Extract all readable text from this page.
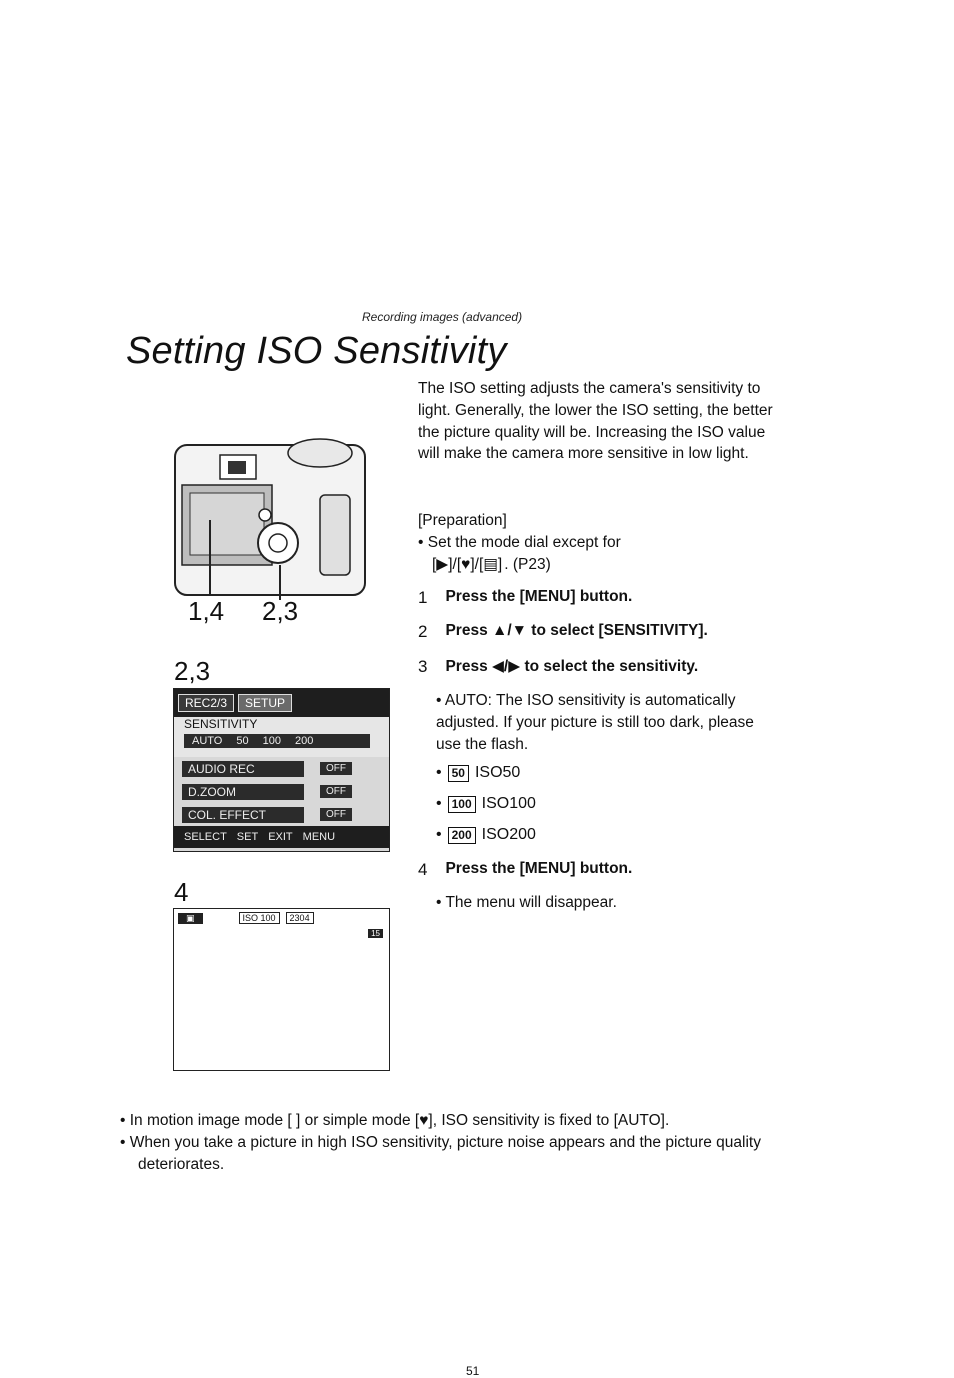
Recording images (advanced)
Setting ISO Sensitivity
1,4 2,3
2,3
REC2/3	SETUP
SENSITIVITY
AUTO 50 100 200
AUDIO REC	OFF
D.ZOOM	OFF
COL. EFFECT	OFF
SELECT SET EXIT MENU
4
▣	ISO 100	2304
15
The ISO setting adjusts the camera's sensitivity to light. Generally, the lower the ISO setting, the better the picture quality will be. Increasing the ISO value will make the camera more sensitive in low light.
[Preparation]
• Set the mode dial except for
[▶]/[♥]/[▤] . (P23)
1 Press the [MENU] button.
2 Press ▲/▼ to select [SENSITIVITY].
3 Press ◀/▶ to select the sensitivity.
• AUTO: The ISO sensitivity is automatically adjusted. If your picture is still too dark, please use the flash.
• 50 ISO50
• 100 ISO100
• 200 ISO200
4 Press the [MENU] button.
• The menu will disappear.
• In motion image mode [ ] or simple mode [♥], ISO sensitivity is fixed to [AUTO].
• When you take a picture in high ISO sensitivity, picture noise appears and the picture quality deteriorates.
51
